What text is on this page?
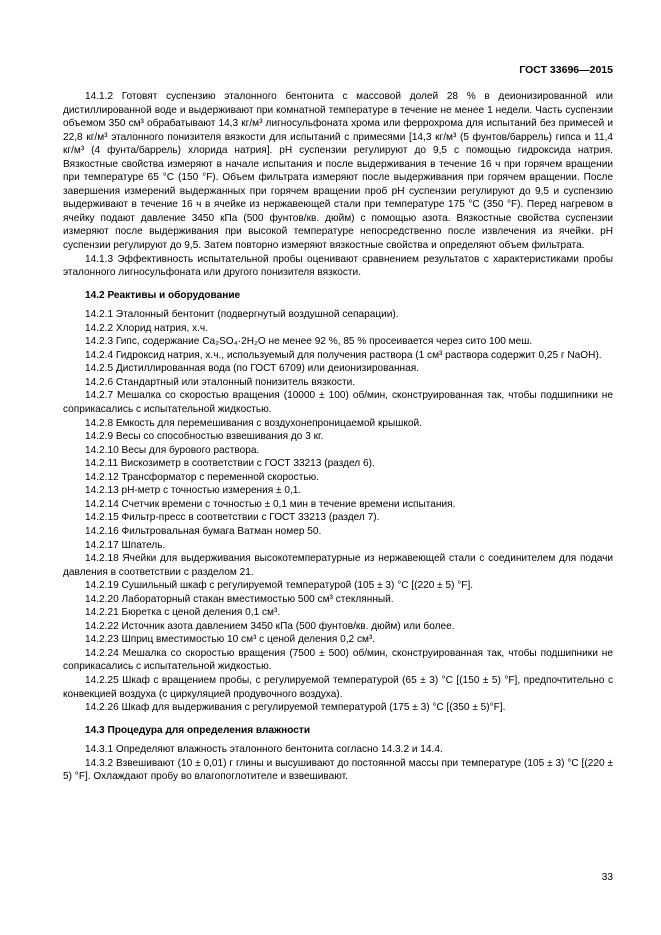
ГОСТ 33696—2015

14.1.2 Готовят суспензию эталонного бентонита с массовой долей 28 % в деионизированной или дистиллированной воде и выдерживают при комнатной температуре в течение не менее 1 недели. Часть суспензии объемом 350 см³ обрабатывают 14,3 кг/м³ лигносульфоната хрома или феррохрома для испытаний без примесей и 22,8 кг/м³ эталонного понизителя вязкости для испытаний с примесями [14,3 кг/м³ (5 фунтов/баррель) гипса и 11,4 кг/м³ (4 фунта/баррель) хлорида натрия]. pH суспензии регулируют до 9,5 с помощью гидроксида натрия. Вязкостные свойства измеряют в начале испытания и после выдерживания в течение 16 ч при горячем вращении при температуре 65 °C (150 °F). Объем фильтрата измеряют после выдерживания при горячем вращении. После завершения измерений выдержанных при горячем вращении проб pH суспензии регулируют до 9,5 и суспензию выдерживают в течение 16 ч в ячейке из нержавеющей стали при температуре 175 °C (350 °F). Перед нагревом в ячейку подают давление 3450 кПа (500 фунтов/кв. дюйм) с помощью азота. Вязкостные свойства суспензии измеряют после выдерживания при высокой температуре непосредственно после извлечения из ячейки. pH суспензии регулируют до 9,5. Затем повторно измеряют вязкостные свойства и определяют объем фильтрата.

14.1.3 Эффективность испытательной пробы оценивают сравнением результатов с характеристиками пробы эталонного лигносульфоната или другого понизителя вязкости.

14.2 Реактивы и оборудование

14.2.1 Эталонный бентонит (подвергнутый воздушной сепарации).

14.2.2 Хлорид натрия, х.ч.

14.2.3 Гипс, содержание Ca₂SO₄·2H₂O не менее 92 %, 85 % просеивается через сито 100 меш.

14.2.4 Гидроксид натрия, х.ч., используемый для получения раствора (1 см³ раствора содержит 0,25 г NaOH).

14.2.5 Дистиллированная вода (по ГОСТ 6709) или деионизированная.

14.2.6 Стандартный или эталонный понизитель вязкости.

14.2.7 Мешалка со скоростью вращения (10000 ± 100) об/мин, сконструированная так, чтобы подшипники не соприкасались с испытательной жидкостью.

14.2.8 Емкость для перемешивания с воздухонепроницаемой крышкой.

14.2.9 Весы со способностью взвешивания до 3 кг.

14.2.10 Весы для бурового раствора.

14.2.11 Вискозиметр в соответствии с ГОСТ 33213 (раздел 6).

14.2.12 Трансформатор с переменной скоростью.

14.2.13 pH-метр с точностью измерения ± 0,1.

14.2.14 Счетчик времени с точностью ± 0,1 мин в течение времени испытания.

14.2.15 Фильтр-пресс в соответствии с ГОСТ 33213 (раздел 7).

14.2.16 Фильтровальная бумага Ватман номер 50.

14.2.17 Шпатель.

14.2.18 Ячейки для выдерживания высокотемпературные из нержавеющей стали с соединителем для подачи давления в соответствии с разделом 21.

14.2.19 Сушильный шкаф с регулируемой температурой (105 ± 3) °C [(220 ± 5) °F].

14.2.20 Лабораторный стакан вместимостью 500 см³ стеклянный.

14.2.21 Бюретка с ценой деления 0,1 см³.

14.2.22 Источник азота давлением 3450 кПа (500 фунтов/кв. дюйм) или более.

14.2.23 Шприц вместимостью 10 см³ с ценой деления 0,2 см³.

14.2.24 Мешалка со скоростью вращения (7500 ± 500) об/мин, сконструированная так, чтобы подшипники не соприкасались с испытательной жидкостью.

14.2.25 Шкаф с вращением пробы, с регулируемой температурой (65 ± 3) °C [(150 ± 5) °F], предпочтительно с конвекцией воздуха (с циркуляцией продувочного воздуха).

14.2.26 Шкаф для выдерживания с регулируемой температурой (175 ± 3) °C [(350 ± 5)°F].

14.3 Процедура для определения влажности

14.3.1 Определяют влажность эталонного бентонита согласно 14.3.2 и 14.4.

14.3.2 Взвешивают (10 ± 0,01) г глины и высушивают до постоянной массы при температуре (105 ± 3) °C [(220 ± 5) °F]. Охлаждают пробу во влагопоглотителе и взвешивают.

33
